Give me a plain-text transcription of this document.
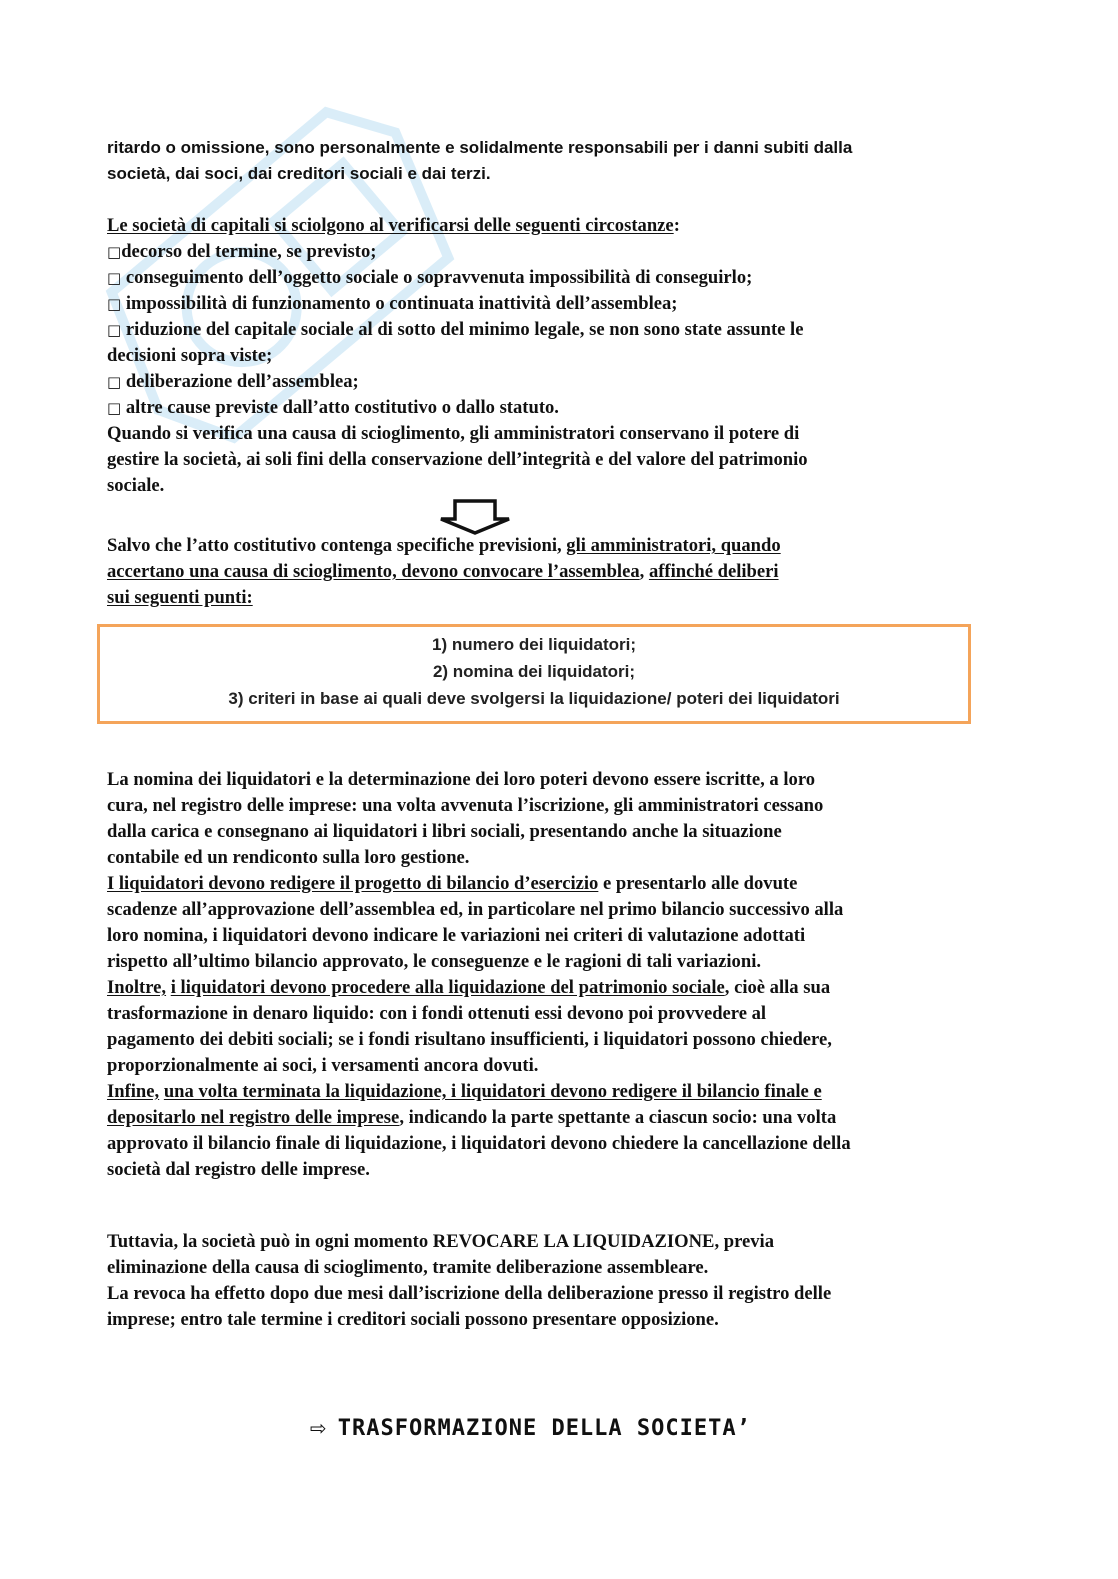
ritardo o omissione, sono personalmente e solidalmente responsabili per i danni subiti dalla

società, dai soci, dai creditori sociali e dai terzi.

Le società di capitali si sciolgono al verificarsi delle seguenti circostanze:

□decorso del termine, se previsto;

□ conseguimento dell’oggetto sociale o sopravvenuta impossibilità di conseguirlo;

□ impossibilità di funzionamento o continuata inattività dell’assemblea;

□ riduzione del capitale sociale al di sotto del minimo legale, se non sono state assunte le

decisioni sopra viste;

□ deliberazione dell’assemblea;

□ altre cause previste dall’atto costitutivo o dallo statuto.

Quando si verifica una causa di scioglimento, gli amministratori conservano il potere di

gestire la società, ai soli fini della conservazione dell’integrità e del valore del patrimonio

sociale.

Salvo che l’atto costitutivo contenga specifiche previsioni, gli amministratori, quando

accertano una causa di scioglimento, devono convocare l’assemblea, affinché deliberi

sui seguenti punti:

1) numero dei liquidatori;

2) nomina dei liquidatori;

3) criteri in base ai quali deve svolgersi la liquidazione/ poteri dei liquidatori

La nomina dei liquidatori e la determinazione dei loro poteri devono essere iscritte, a loro

cura, nel registro delle imprese: una volta avvenuta l’iscrizione, gli amministratori cessano

dalla carica e consegnano ai liquidatori i libri sociali, presentando anche la situazione

contabile ed un rendiconto sulla loro gestione.

I liquidatori devono redigere il progetto di bilancio d’esercizio e presentarlo alle dovute

scadenze all’approvazione dell’assemblea ed, in particolare nel primo bilancio successivo alla

loro nomina, i liquidatori devono indicare le variazioni nei criteri di valutazione adottati

rispetto all’ultimo bilancio approvato, le conseguenze e le ragioni di tali variazioni.

Inoltre, i liquidatori devono procedere alla liquidazione del patrimonio sociale, cioè alla sua

trasformazione in denaro liquido: con i fondi ottenuti essi devono poi provvedere al

pagamento dei debiti sociali; se i fondi risultano insufficienti, i liquidatori possono chiedere,

proporzionalmente ai soci, i versamenti ancora dovuti.

Infine, una volta terminata la liquidazione, i liquidatori devono redigere il bilancio finale e

depositarlo nel registro delle imprese, indicando la parte spettante a ciascun socio: una volta

approvato il bilancio finale di liquidazione, i liquidatori devono chiedere la cancellazione della

società dal registro delle imprese.

Tuttavia, la società può in ogni momento REVOCARE LA LIQUIDAZIONE, previa

eliminazione della causa di scioglimento, tramite deliberazione assembleare.

La revoca ha effetto dopo due mesi dall’iscrizione della deliberazione presso il registro delle

imprese; entro tale termine i creditori sociali possono presentare opposizione.

⇨ TRASFORMAZIONE DELLA SOCIETA’
